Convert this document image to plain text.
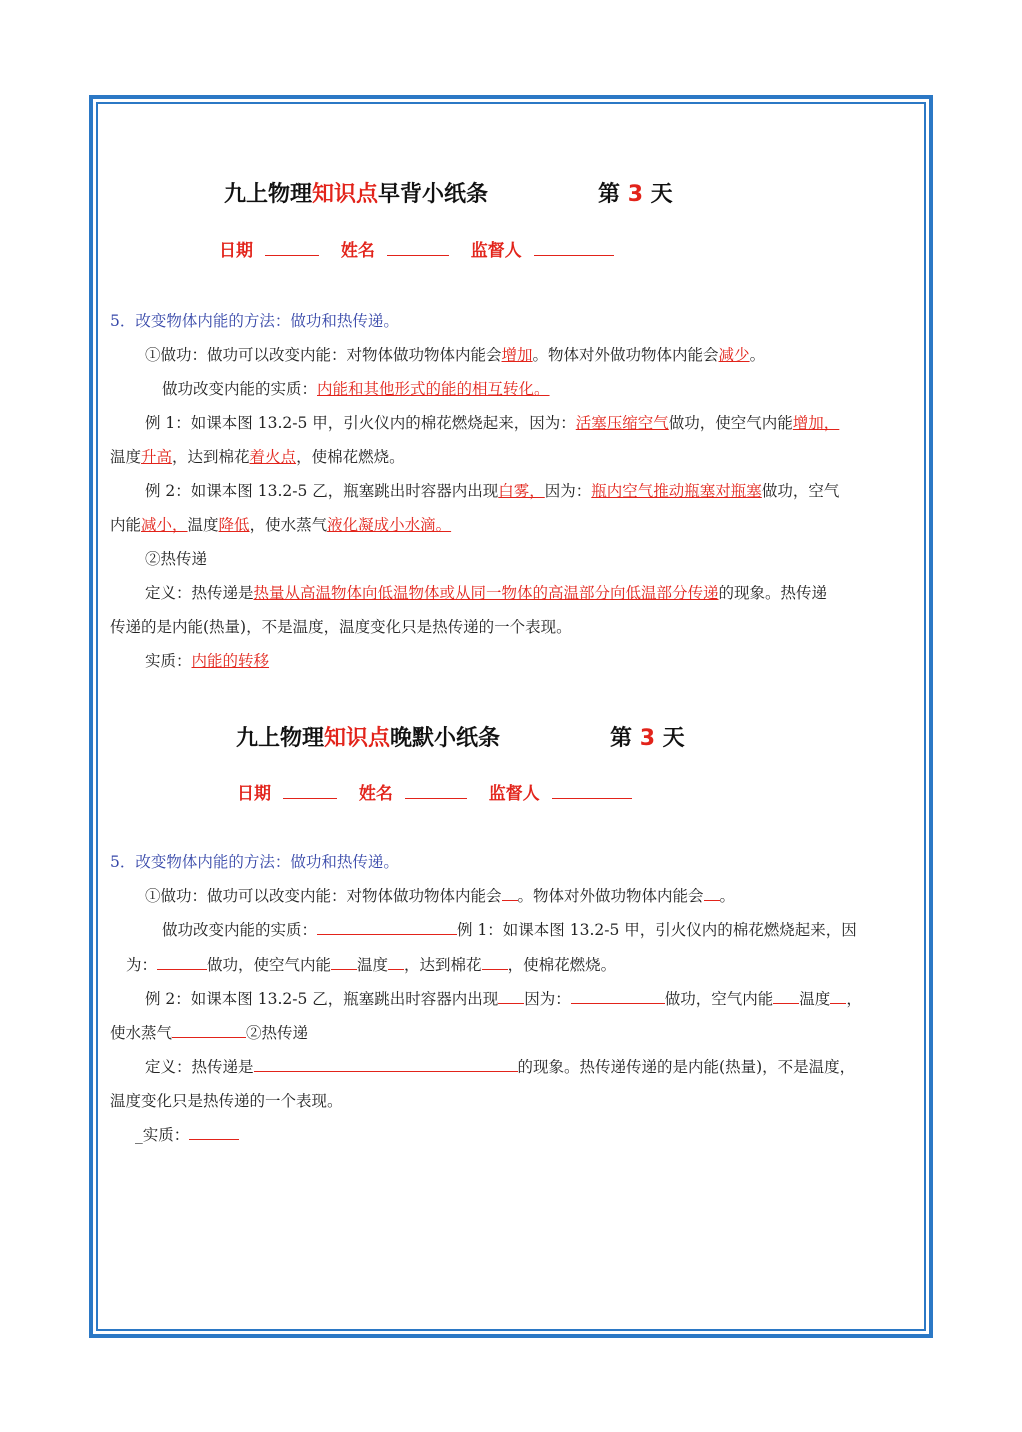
九上物理知识点早背小纸条	第 3 天
日期	姓名	监督人
5．改变物体内能的方法：做功和热传递。
①做功：做功可以改变内能：对物体做功物体内能会增加。物体对外做功物体内能会减少。
做功改变内能的实质：内能和其他形式的能的相互转化。
例 1：如课本图 13.2-5 甲，引火仪内的棉花燃烧起来，因为：活塞压缩空气做功，使空气内能增加，
温度升高，达到棉花着火点，使棉花燃烧。
例 2：如课本图 13.2-5 乙，瓶塞跳出时容器内出现白雾，因为：瓶内空气推动瓶塞对瓶塞做功，空气
内能减小，温度降低，使水蒸气液化凝成小水滴。
②热传递
定义：热传递是热量从高温物体向低温物体或从同一物体的高温部分向低温部分传递的现象。热传递
传递的是内能(热量)，不是温度，温度变化只是热传递的一个表现。
实质：内能的转移
九上物理知识点晚默小纸条	第 3 天
日期	姓名	监督人
5．改变物体内能的方法：做功和热传递。
①做功：做功可以改变内能：对物体做功物体内能会 。物体对外做功物体内能会 。
做功改变内能的实质：	例 1：如课本图 13.2-5 甲，引火仪内的棉花燃烧起来，因
为：	做功，使空气内能 温度 ，达到棉花 ，使棉花燃烧。
例 2：如课本图 13.2-5 乙，瓶塞跳出时容器内出现 因为：	做功，空气内能 温度 ，
使水蒸气	②热传递
定义：热传递是	的现象。热传递传递的是内能(热量)，不是温度，
温度变化只是热传递的一个表现。
_实质：
